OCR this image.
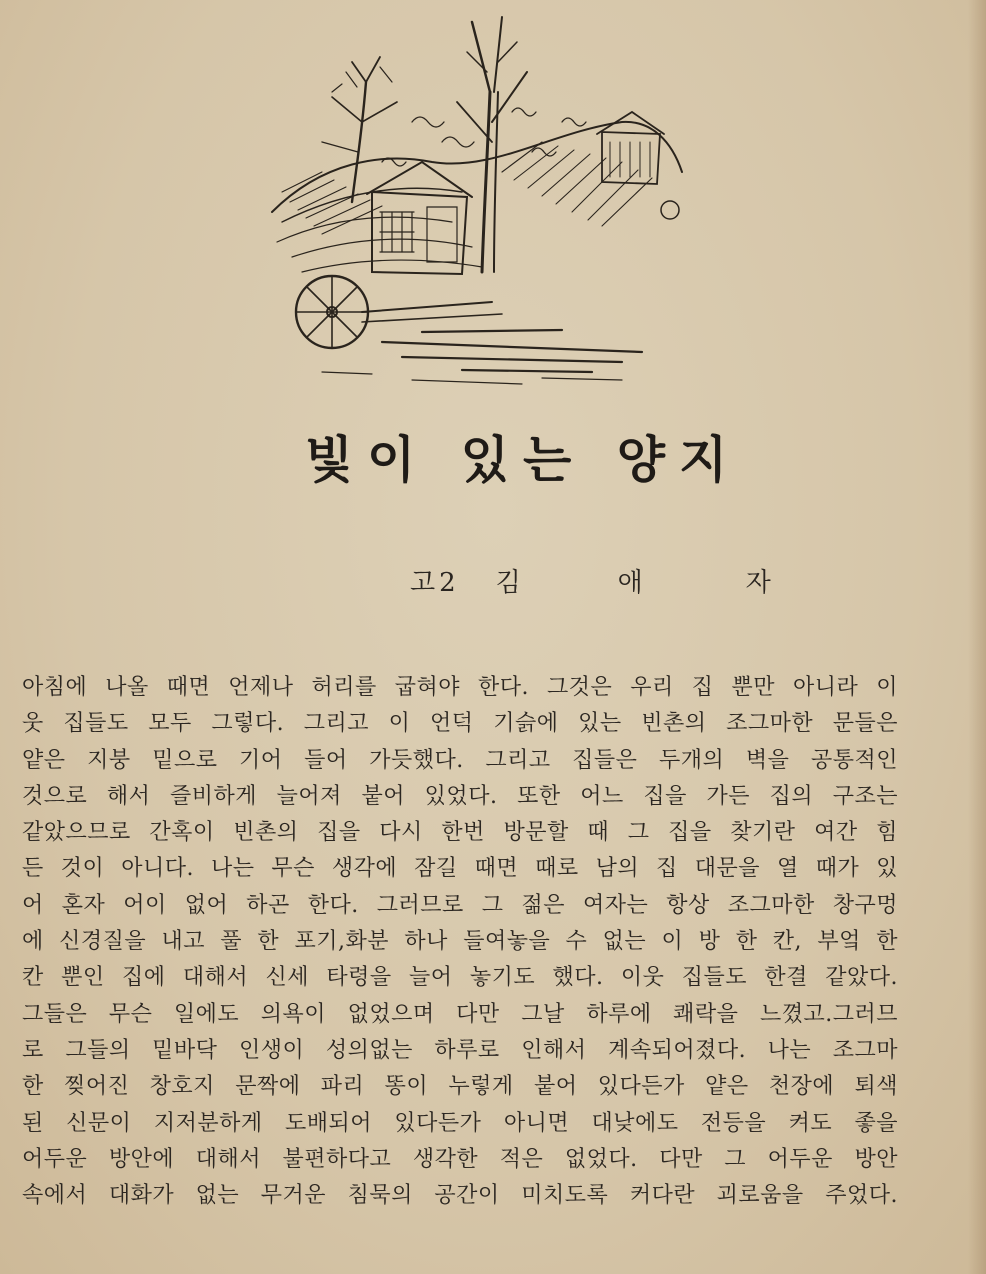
빛이 있는 양지
고2 김	애	자
아침에 나올 때면 언제나 허리를 굽혀야 한다. 그것은 우리 집 뿐만 아니라 이
웃 집들도 모두 그렇다. 그리고 이 언덕 기슭에 있는 빈촌의 조그마한 문들은
얕은 지붕 밑으로 기어 들어 가듯했다. 그리고 집들은 두개의 벽을 공통적인
것으로 해서 즐비하게 늘어져 붙어 있었다. 또한 어느 집을 가든 집의 구조는
같았으므로 간혹이 빈촌의 집을 다시 한번 방문할 때 그 집을 찾기란 여간 힘
든 것이 아니다. 나는 무슨 생각에 잠길 때면 때로 남의 집 대문을 열 때가 있
어 혼자 어이 없어 하곤 한다. 그러므로 그 젊은 여자는 항상 조그마한 창구멍
에 신경질을 내고 풀 한 포기,화분 하나 들여놓을 수 없는 이 방 한 칸, 부엌 한
칸 뿐인 집에 대해서 신세 타령을 늘어 놓기도 했다. 이웃 집들도 한결 같았다.
그들은 무슨 일에도 의욕이 없었으며 다만 그날 하루에 쾌락을 느꼈고.그러므
로 그들의 밑바닥 인생이 성의없는 하루로 인해서 계속되어졌다. 나는 조그마
한 찢어진 창호지 문짝에 파리 똥이 누렇게 붙어 있다든가 얕은 천장에 퇴색
된 신문이 지저분하게 도배되어 있다든가 아니면 대낮에도 전등을 켜도 좋을
어두운 방안에 대해서 불편하다고 생각한 적은 없었다. 다만 그 어두운 방안
속에서 대화가 없는 무거운 침묵의 공간이 미치도록 커다란 괴로움을 주었다.
